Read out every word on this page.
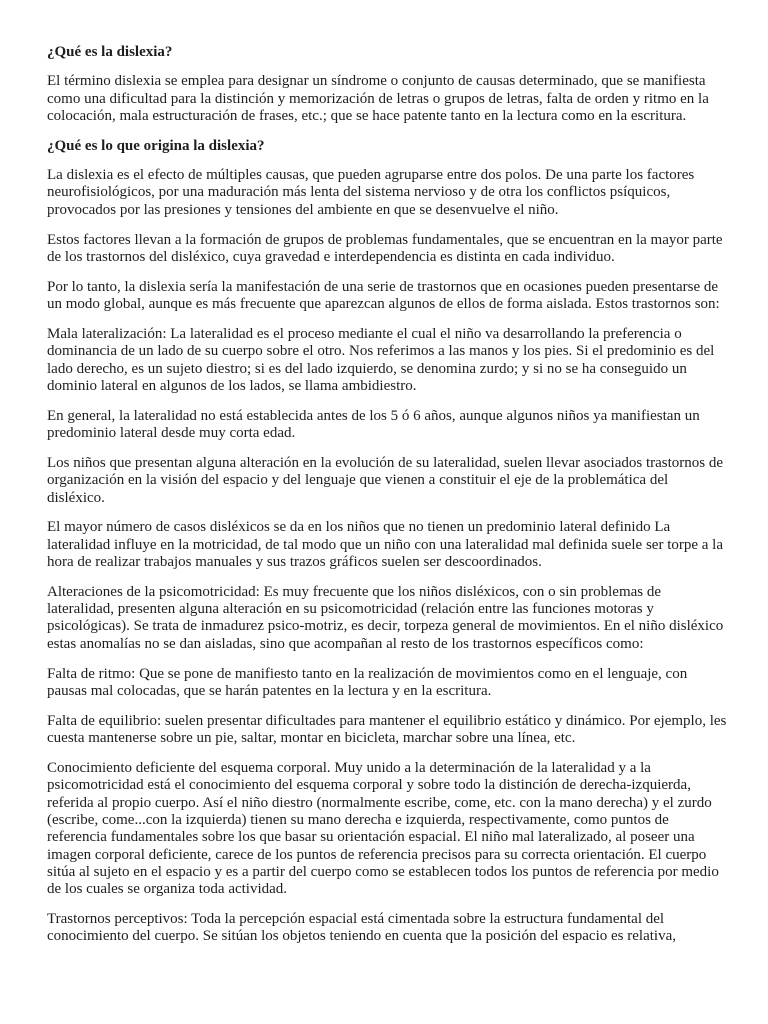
¿Qué es la dislexia?

El término dislexia se emplea para designar un síndrome o conjunto de causas determinado, que se manifiesta como una dificultad para la distinción y memorización de letras o grupos de letras, falta de orden y ritmo en la colocación, mala estructuración de frases, etc.; que se hace patente tanto en la lectura como en la escritura.

¿Qué es lo que origina la dislexia?

La dislexia es el efecto de múltiples causas, que pueden agruparse entre dos polos. De una parte los factores neurofisiológicos, por una maduración más lenta del sistema nervioso y de otra los conflictos psíquicos, provocados por las presiones y tensiones del ambiente en que se desenvuelve el niño.

Estos factores llevan a la formación de grupos de problemas fundamentales, que se encuentran en la mayor parte de los trastornos del disléxico, cuya gravedad e interdependencia es distinta en cada individuo.

Por lo tanto, la dislexia sería la manifestación de una serie de trastornos que en ocasiones pueden presentarse de un modo global, aunque es más frecuente que aparezcan algunos de ellos de forma aislada. Estos trastornos son:

Mala lateralización: La lateralidad es el proceso mediante el cual el niño va desarrollando la preferencia o dominancia de un lado de su cuerpo sobre el otro. Nos referimos a las manos y los pies. Si el predominio es del lado derecho, es un sujeto diestro; si es del lado izquierdo, se denomina zurdo; y si no se ha conseguido un dominio lateral en algunos de los lados, se llama ambidiestro.

En general, la lateralidad no está establecida antes de los 5 ó 6 años, aunque algunos niños ya manifiestan un predominio lateral desde muy corta edad.

Los niños que presentan alguna alteración en la evolución de su lateralidad, suelen llevar asociados trastornos de organización en la visión del espacio y del lenguaje que vienen a constituir el eje de la problemática del disléxico.

El mayor número de casos disléxicos se da en los niños que no tienen un predominio lateral definido La lateralidad influye en la motricidad, de tal modo que un niño con una lateralidad mal definida suele ser torpe a la hora de realizar trabajos manuales y sus trazos gráficos suelen ser descoordinados.

Alteraciones de la psicomotricidad: Es muy frecuente que los niños disléxicos, con o sin problemas de lateralidad, presenten alguna alteración en su psicomotricidad (relación entre las funciones motoras y psicológicas). Se trata de inmadurez psico-motriz, es decir, torpeza general de movimientos. En el niño disléxico estas anomalías no se dan aisladas, sino que acompañan al resto de los trastornos específicos como:

Falta de ritmo: Que se pone de manifiesto tanto en la realización de movimientos como en el lenguaje, con pausas mal colocadas, que se harán patentes en la lectura y en la escritura.

Falta de equilibrio: suelen presentar dificultades para mantener el equilibrio estático y dinámico. Por ejemplo, les cuesta mantenerse sobre un pie, saltar, montar en bicicleta, marchar sobre una línea, etc.

Conocimiento deficiente del esquema corporal. Muy unido a la determinación de la lateralidad y a la psicomotricidad está el conocimiento del esquema corporal y sobre todo la distinción de derecha-izquierda, referida al propio cuerpo. Así el niño diestro (normalmente escribe, come, etc. con la mano derecha) y el zurdo (escribe, come...con la izquierda) tienen su mano derecha e izquierda, respectivamente, como puntos de referencia fundamentales sobre los que basar su orientación espacial. El niño mal lateralizado, al poseer una imagen corporal deficiente, carece de los puntos de referencia precisos para su correcta orientación. El cuerpo sitúa al sujeto en el espacio y es a partir del cuerpo como se establecen todos los puntos de referencia por medio de los cuales se organiza toda actividad.

Trastornos perceptivos: Toda la percepción espacial está cimentada sobre la estructura fundamental del conocimiento del cuerpo. Se sitúan los objetos teniendo en cuenta que la posición del espacio es relativa,
